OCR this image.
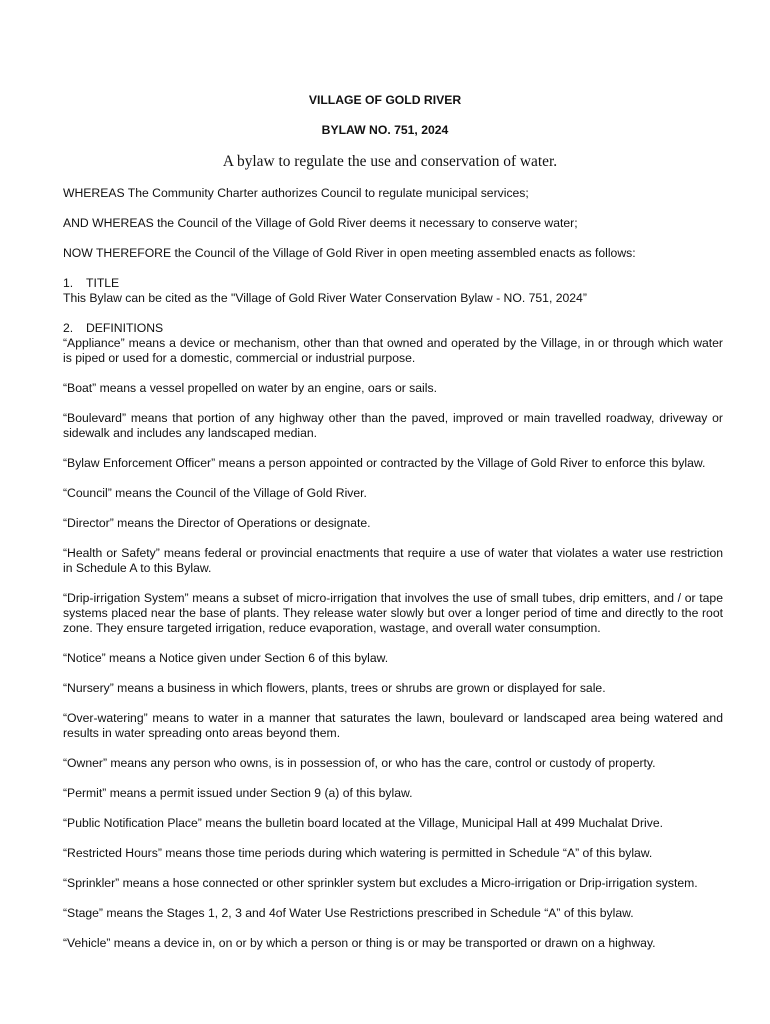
VILLAGE OF GOLD RIVER
BYLAW NO. 751, 2024
A bylaw to regulate the use and conservation of water.

WHEREAS The Community Charter authorizes Council to regulate municipal services;

AND WHEREAS the Council of the Village of Gold River deems it necessary to conserve water;

NOW THEREFORE the Council of the Village of Gold River in open meeting assembled enacts as follows:

1. TITLE

This Bylaw can be cited as the "Village of Gold River Water Conservation Bylaw - NO. 751, 2024”

2. DEFINITIONS

“Appliance” means a device or mechanism, other than that owned and operated by the Village, in or through which water is piped or used for a domestic, commercial or industrial purpose.

“Boat” means a vessel propelled on water by an engine, oars or sails.

“Boulevard” means that portion of any highway other than the paved, improved or main travelled roadway, driveway or sidewalk and includes any landscaped median.

“Bylaw Enforcement Officer” means a person appointed or contracted by the Village of Gold River to enforce this bylaw.

“Council” means the Council of the Village of Gold River.

“Director” means the Director of Operations or designate.

“Health or Safety” means federal or provincial enactments that require a use of water that violates a water use restriction in Schedule A to this Bylaw.

“Drip-irrigation System” means a subset of micro-irrigation that involves the use of small tubes, drip emitters, and / or tape systems placed near the base of plants. They release water slowly but over a longer period of time and directly to the root zone. They ensure targeted irrigation, reduce evaporation, wastage, and overall water consumption.

“Notice” means a Notice given under Section 6 of this bylaw.

“Nursery” means a business in which flowers, plants, trees or shrubs are grown or displayed for sale.

“Over-watering” means to water in a manner that saturates the lawn, boulevard or landscaped area being watered and results in water spreading onto areas beyond them.

“Owner” means any person who owns, is in possession of, or who has the care, control or custody of property.

“Permit” means a permit issued under Section 9 (a) of this bylaw.

“Public Notification Place” means the bulletin board located at the Village, Municipal Hall at 499 Muchalat Drive.

“Restricted Hours” means those time periods during which watering is permitted in Schedule “A” of this bylaw.

“Sprinkler” means a hose connected or other sprinkler system but excludes a Micro-irrigation or Drip-irrigation system.

“Stage” means the Stages 1, 2, 3 and 4of Water Use Restrictions prescribed in Schedule “A” of this bylaw.

“Vehicle” means a device in, on or by which a person or thing is or may be transported or drawn on a highway.
